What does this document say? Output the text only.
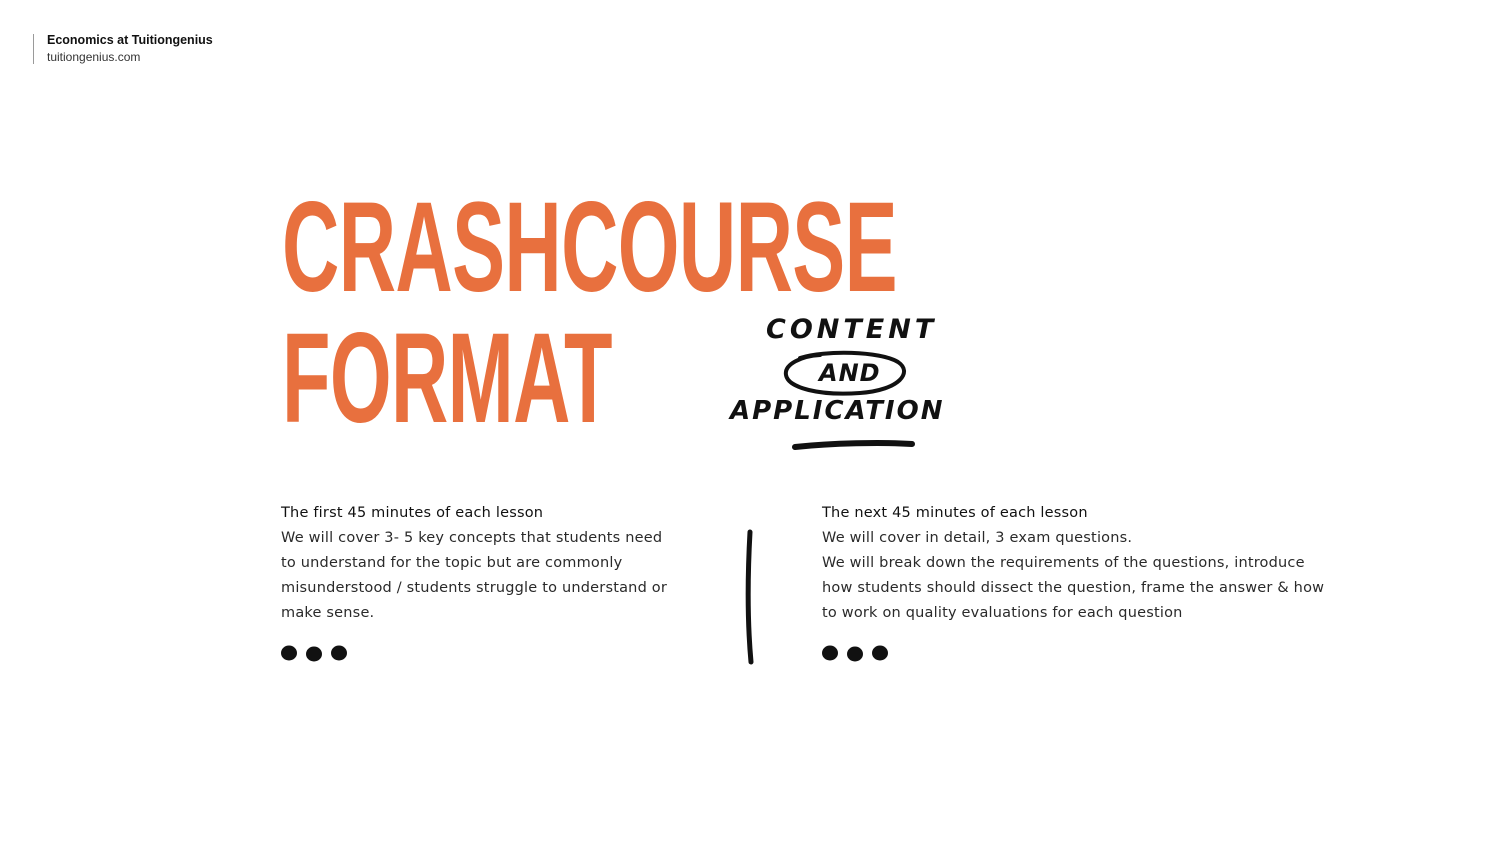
Economics at Tuitiongenius
tuitiongenius.com
CRASHCOURSE
FORMAT	CONTENT
AND
APPLICATION

The first 45 minutes of each lesson

We will cover 3- 5 key concepts that students need to understand for the topic but are commonly misunderstood / students struggle to understand or make sense.

The next 45 minutes of each lesson

We will cover in detail, 3 exam questions.

We will break down the requirements of the questions, introduce how students should dissect the question, frame the answer & how to work on quality evaluations for each question
